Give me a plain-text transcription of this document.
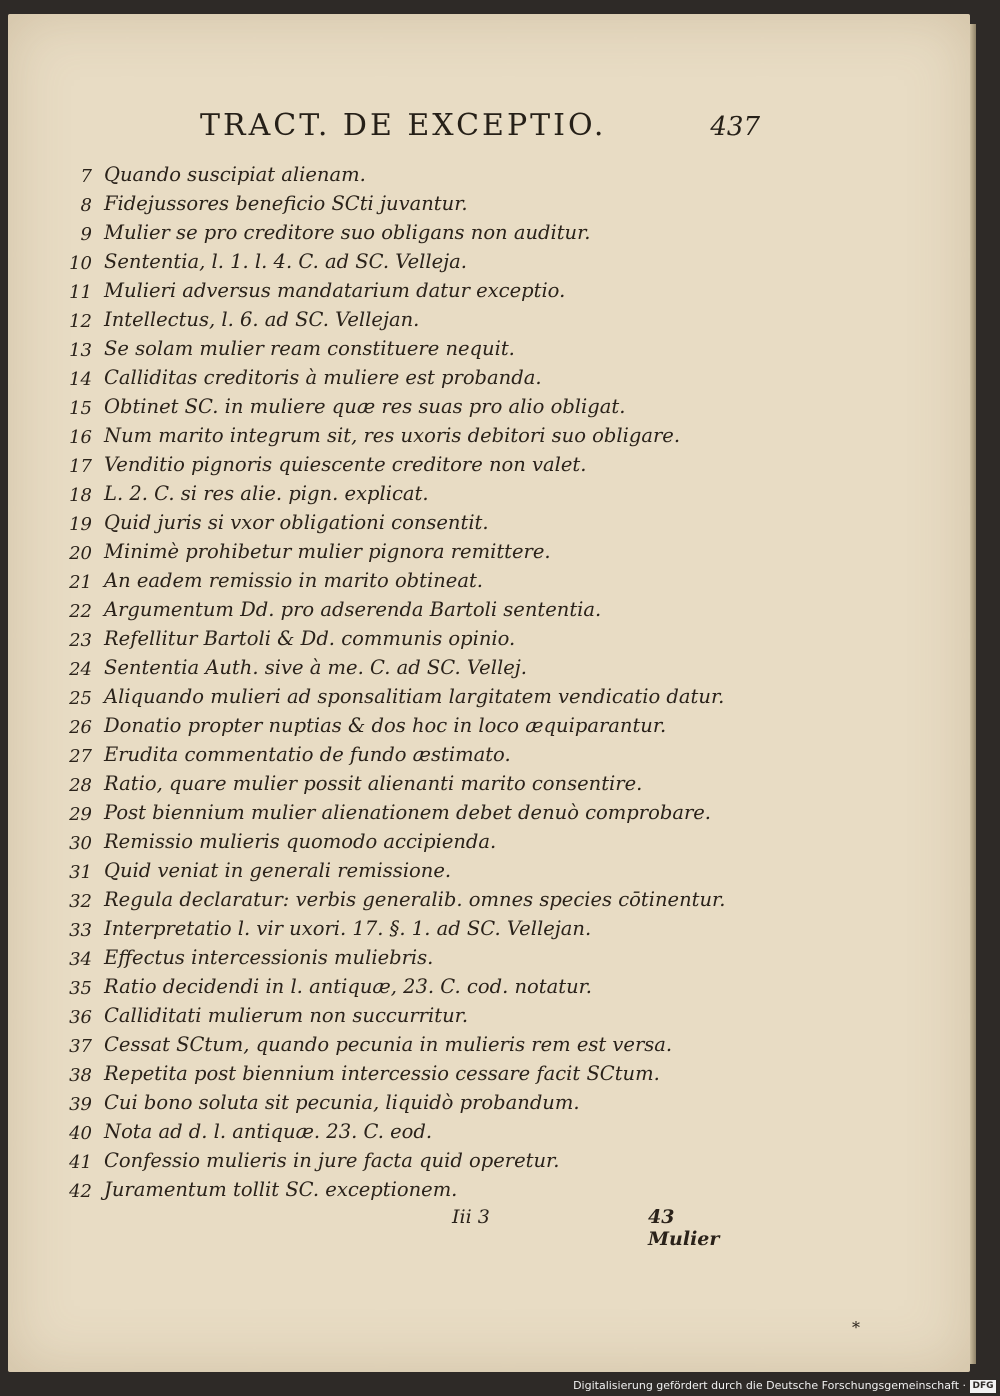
TRACT. DE EXCEPTIO.	437
7 Quando suscipiat alienam.
8 Fidejussores beneficio SCti juvantur.
9 Mulier se pro creditore suo obligans non auditur.
10 Sententia, l. 1. l. 4. C. ad SC. Velleja.
11 Mulieri adversus mandatarium datur exceptio.
12 Intellectus, l. 6. ad SC. Vellejan.
13 Se solam mulier ream constituere nequit.
14 Calliditas creditoris à muliere est probanda.
15 Obtinet SC. in muliere quæ res suas pro alio obligat.
16 Num marito integrum sit, res uxoris debitori suo obligare.
17 Venditio pignoris quiescente creditore non valet.
18 L. 2. C. si res alie. pign. explicat.
19 Quid juris si vxor obligationi consentit.
20 Minimè prohibetur mulier pignora remittere.
21 An eadem remissio in marito obtineat.
22 Argumentum Dd. pro adserenda Bartoli sententia.
23 Refellitur Bartoli & Dd. communis opinio.
24 Sententia Auth. sive à me. C. ad SC. Vellej.
25 Aliquando mulieri ad sponsalitiam largitatem vendicatio datur.
26 Donatio propter nuptias & dos hoc in loco æquiparantur.
27 Erudita commentatio de fundo æstimato.
28 Ratio, quare mulier possit alienanti marito consentire.
29 Post biennium mulier alienationem debet denuò comprobare.
30 Remissio mulieris quomodo accipienda.
31 Quid veniat in generali remissione.
32 Regula declaratur: verbis generalib. omnes species cōtinentur.
33 Interpretatio l. vir uxori. 17. §. 1. ad SC. Vellejan.
34 Effectus intercessionis muliebris.
35 Ratio decidendi in l. antiquæ, 23. C. cod. notatur.
36 Calliditati mulierum non succurritur.
37 Cessat SCtum, quando pecunia in mulieris rem est versa.
38 Repetita post biennium intercessio cessare facit SCtum.
39 Cui bono soluta sit pecunia, liquidò probandum.
40 Nota ad d. l. antiquæ. 23. C. eod.
41 Confessio mulieris in jure facta quid operetur.
42 Juramentum tollit SC. exceptionem.
Iii 3	43 Mulier
*
Digitalisierung gefördert durch die Deutsche Forschungsgemeinschaft · DFG
